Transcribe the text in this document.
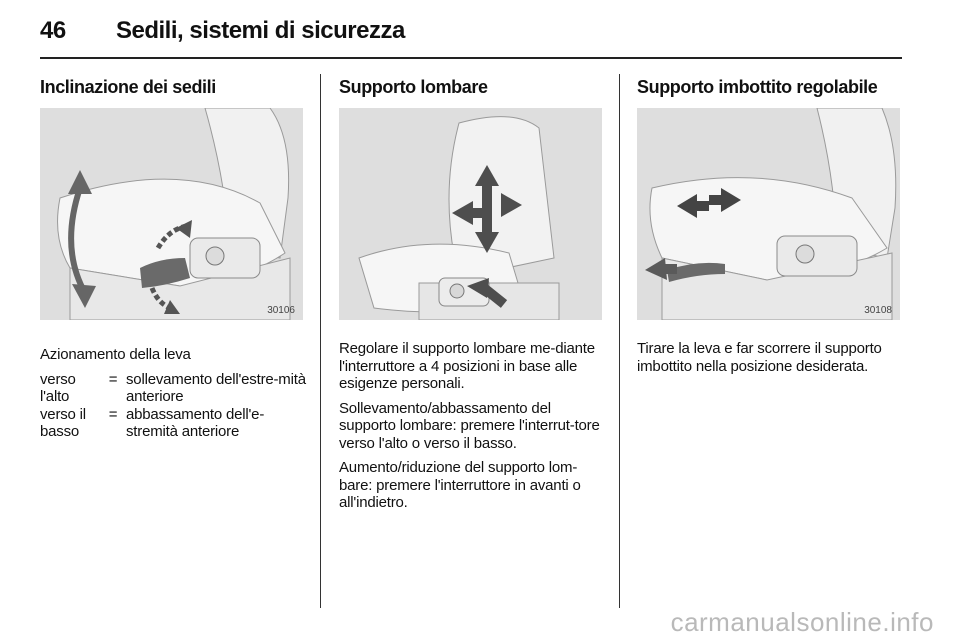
46 Sedili, sistemi di sicurezza
Inclinazione dei sedili
30106

Azionamento della leva

verso l'alto	=	sollevamento dell'estre-mità anteriore
verso il basso	=	abbassamento dell'e-stremità anteriore
Supporto lombare

Regolare il supporto lombare me-diante l'interruttore a 4 posizioni in base alle esigenze personali.

Sollevamento/abbassamento del supporto lombare: premere l'interrut-tore verso l'alto o verso il basso.

Aumento/riduzione del supporto lom-bare: premere l'interruttore in avanti o all'indietro.

Supporto imbottito regolabile
30108

Tirare la leva e far scorrere il supporto imbottito nella posizione desiderata.

carmanualsonline.info
